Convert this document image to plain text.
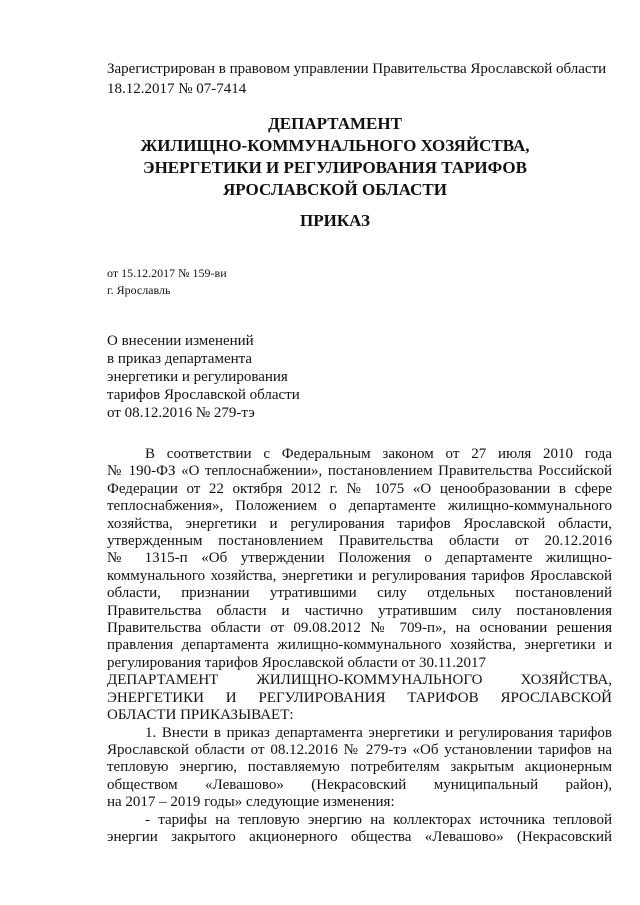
Зарегистрирован в правовом управлении Правительства Ярославской области
18.12.2017 № 07-7414
ДЕПАРТАМЕНТ
ЖИЛИЩНО-КОММУНАЛЬНОГО ХОЗЯЙСТВА,
ЭНЕРГЕТИКИ И РЕГУЛИРОВАНИЯ ТАРИФОВ
ЯРОСЛАВСКОЙ ОБЛАСТИ
ПРИКАЗ
от 15.12.2017 № 159-ви
г. Ярославль
О внесении изменений
в приказ департамента
энергетики и регулирования
тарифов Ярославской области
от 08.12.2016 № 279-тэ
В соответствии с Федеральным законом от 27 июля 2010 года
№ 190-ФЗ «О теплоснабжении», постановлением Правительства Российской
Федерации от 22 октября 2012 г. № 1075 «О ценообразовании в сфере
теплоснабжения», Положением о департаменте жилищно-коммунального
хозяйства, энергетики и регулирования тарифов Ярославской области,
утвержденным постановлением Правительства области от 20.12.2016
№ 1315-п «Об утверждении Положения о департаменте жилищно-
коммунального хозяйства, энергетики и регулирования тарифов Ярославской
области, признании утратившими силу отдельных постановлений
Правительства области и частично утратившим силу постановления
Правительства области от 09.08.2012 № 709-п», на основании решения
правления департамента жилищно-коммунального хозяйства, энергетики и
регулирования тарифов Ярославской области от 30.11.2017
ДЕПАРТАМЕНТ ЖИЛИЩНО-КОММУНАЛЬНОГО ХОЗЯЙСТВА,
ЭНЕРГЕТИКИ И РЕГУЛИРОВАНИЯ ТАРИФОВ ЯРОСЛАВСКОЙ
ОБЛАСТИ ПРИКАЗЫВАЕТ:
1. Внести в приказ департамента энергетики и регулирования тарифов
Ярославской области от 08.12.2016 № 279-тэ «Об установлении тарифов на
тепловую энергию, поставляемую потребителям закрытым акционерным
обществом «Левашово» (Некрасовский муниципальный район),
на 2017 – 2019 годы» следующие изменения:
- тарифы на тепловую энергию на коллекторах источника тепловой
энергии закрытого акционерного общества «Левашово» (Некрасовский
